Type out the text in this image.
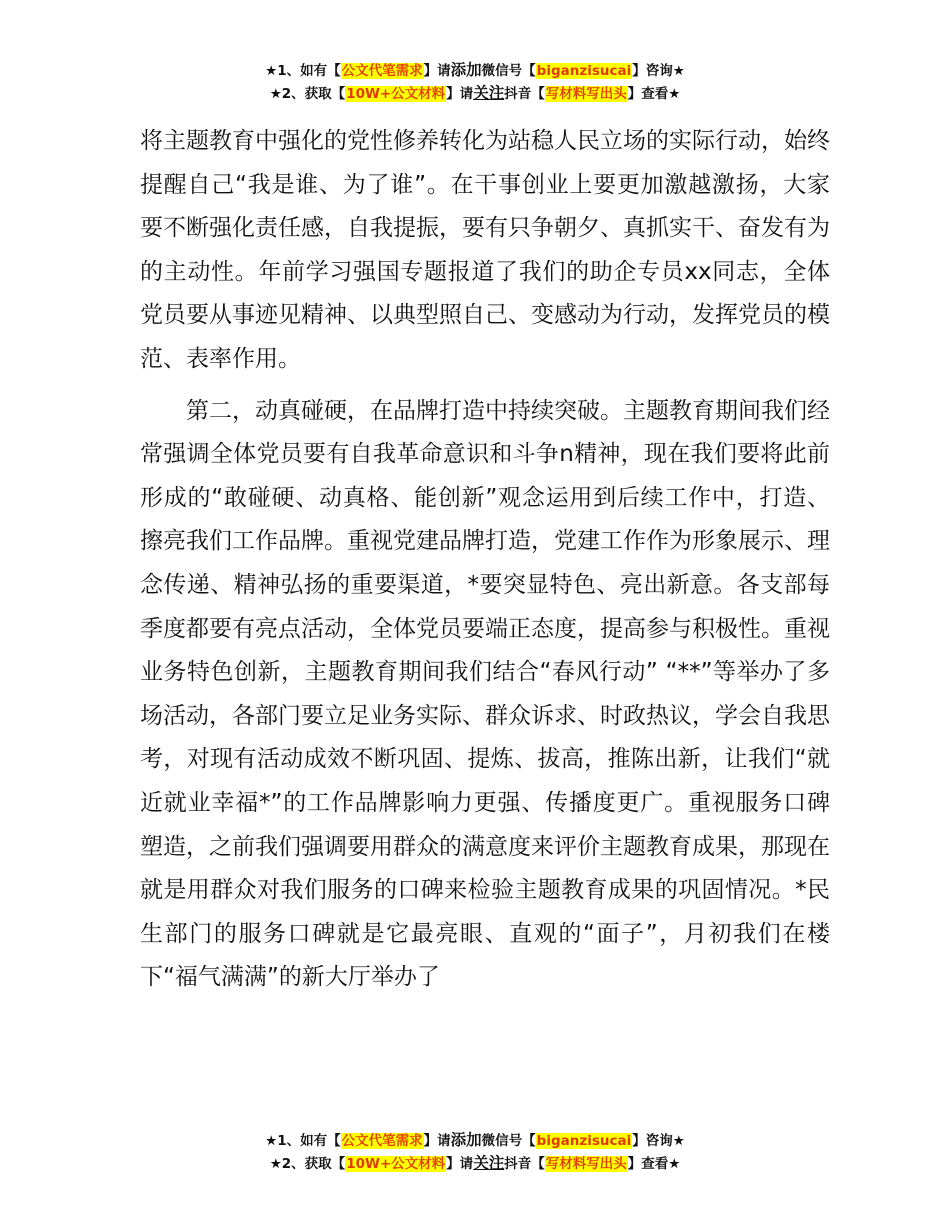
★1、如有【公文代笔需求】请添加微信号【biganzisucai】咨询★
★2、获取【10W+公文材料】请关注抖音【写材料写出头】查看★

将主题教育中强化的党性修养转化为站稳人民立场的实际行动，始终提醒自己“我是谁、为了谁”。在干事创业上要更加激越激扬，大家要不断强化责任感，自我提振，要有只争朝夕、真抓实干、奋发有为的主动性。年前学习强国专题报道了我们的助企专员xx同志，全体党员要从事迹见精神、以典型照自己、变感动为行动，发挥党员的模范、表率作用。

第二，动真碰硬，在品牌打造中持续突破。主题教育期间我们经常强调全体党员要有自我革命意识和斗争n精神，现在我们要将此前形成的“敢碰硬、动真格、能创新”观念运用到后续工作中，打造、擦亮我们工作品牌。重视党建品牌打造，党建工作作为形象展示、理念传递、精神弘扬的重要渠道，*要突显特色、亮出新意。各支部每季度都要有亮点活动，全体党员要端正态度，提高参与积极性。重视业务特色创新，主题教育期间我们结合“春风行动” “**”等举办了多场活动，各部门要立足业务实际、群众诉求、时政热议，学会自我思考，对现有活动成效不断巩固、提炼、拔高，推陈出新，让我们“就近就业幸福*”的工作品牌影响力更强、传播度更广。重视服务口碑塑造，之前我们强调要用群众的满意度来评价主题教育成果，那现在就是用群众对我们服务的口碑来检验主题教育成果的巩固情况。*民生部门的服务口碑就是它最亮眼、直观的“面子”，月初我们在楼下“福气满满”的新大厅举办了

★1、如有【公文代笔需求】请添加微信号【biganzisucai】咨询★
★2、获取【10W+公文材料】请关注抖音【写材料写出头】查看★
